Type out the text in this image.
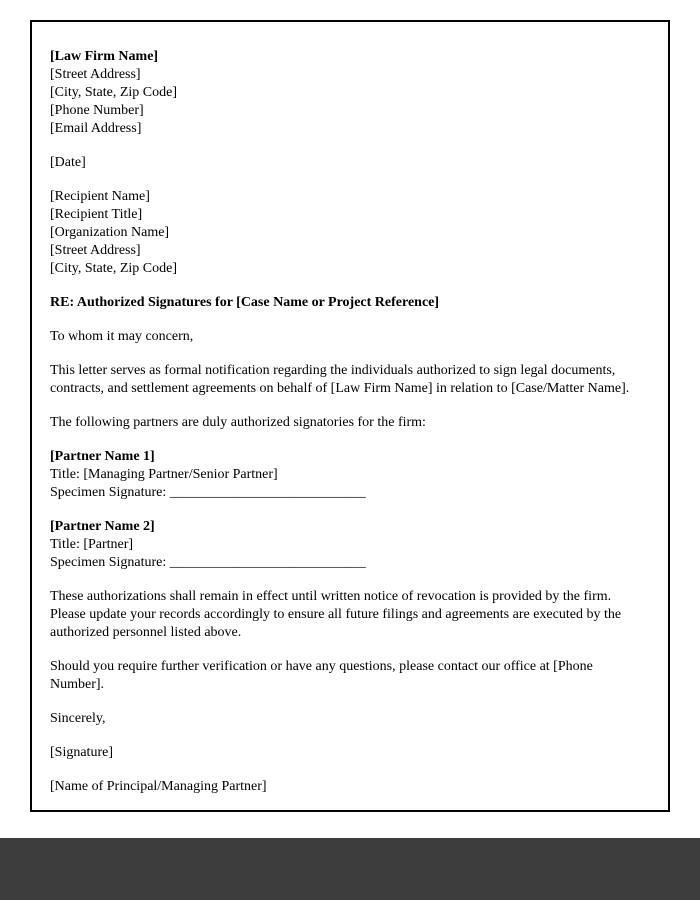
[Law Firm Name]
[Street Address]
[City, State, Zip Code]
[Phone Number]
[Email Address]
[Date]
[Recipient Name]
[Recipient Title]
[Organization Name]
[Street Address]
[City, State, Zip Code]
RE: Authorized Signatures for [Case Name or Project Reference]
To whom it may concern,
This letter serves as formal notification regarding the individuals authorized to sign legal documents, contracts, and settlement agreements on behalf of [Law Firm Name] in relation to [Case/Matter Name].
The following partners are duly authorized signatories for the firm:
[Partner Name 1]
Title: [Managing Partner/Senior Partner]
Specimen Signature: ____________________________
[Partner Name 2]
Title: [Partner]
Specimen Signature: ____________________________
These authorizations shall remain in effect until written notice of revocation is provided by the firm. Please update your records accordingly to ensure all future filings and agreements are executed by the authorized personnel listed above.
Should you require further verification or have any questions, please contact our office at [Phone Number].
Sincerely,
[Signature]
[Name of Principal/Managing Partner]
